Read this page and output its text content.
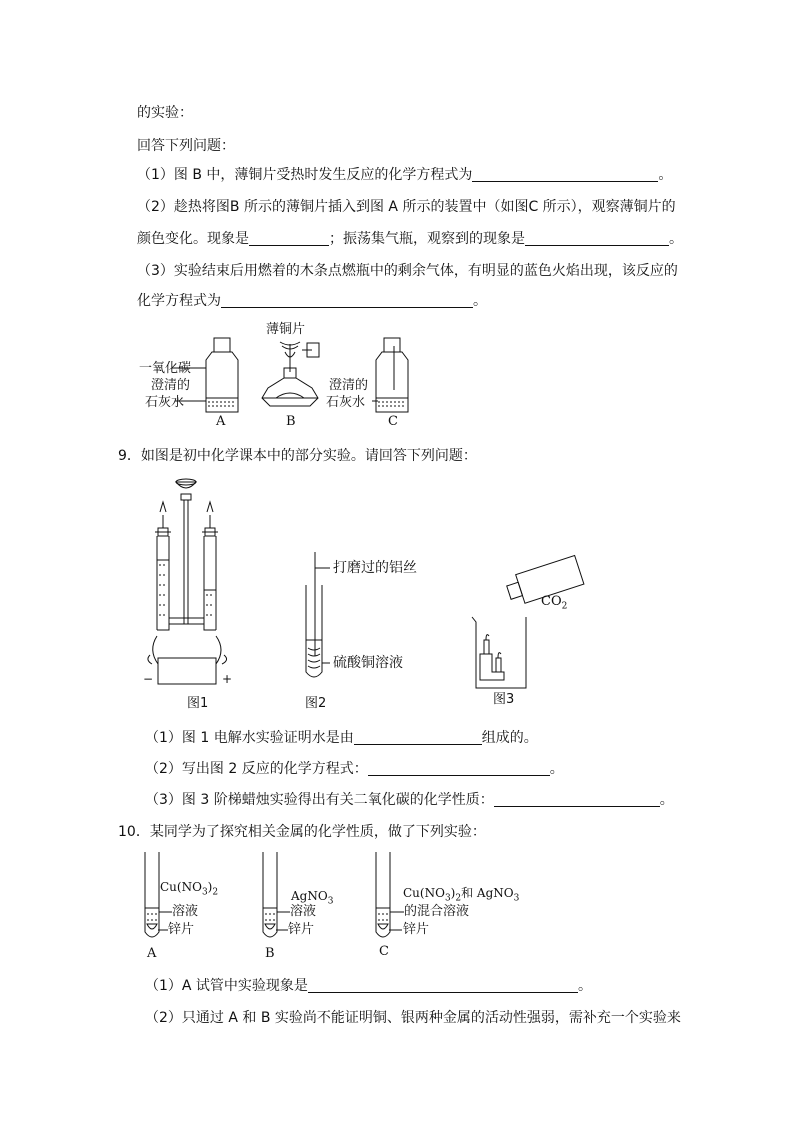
的实验：
回答下列问题：
（1）图 B 中，薄铜片受热时发生反应的化学方程式为	。
（2）趁热将图B 所示的薄铜片插入到图 A 所示的装置中（如图C 所示），观察薄铜片的
颜色变化。现象是	；振荡集气瓶，观察到的现象是	。
（3）实验结束后用燃着的木条点燃瓶中的剩余气体，有明显的蓝色火焰出现，该反应的
化学方程式为	。
薄铜片
一氧化碳
澄清的
石灰水
澄清的
石灰水
A	B	C
9．如图是初中化学课本中的部分实验。请回答下列问题：
−	+
图1
打磨过的铝丝
硫酸铜溶液
图2
$CO_2$
图3
（1）图 1 电解水实验证明水是由	组成的。
（2）写出图 2 反应的化学方程式：	。
（3）图 3 阶梯蜡烛实验得出有关二氧化碳的化学性质：	。
10．某同学为了探究相关金属的化学性质，做了下列实验：
$Cu(NO_3)_2$
溶液
锌片
A
AgNO$_3$
溶液
锌片
B
$Cu(NO_3)_2$和 AgNO$_3$
的混合溶液
锌片
C
（1）A 试管中实验现象是	。
（2）只通过 A 和 B 实验尚不能证明铜、银两种金属的活动性强弱，需补充一个实验来
